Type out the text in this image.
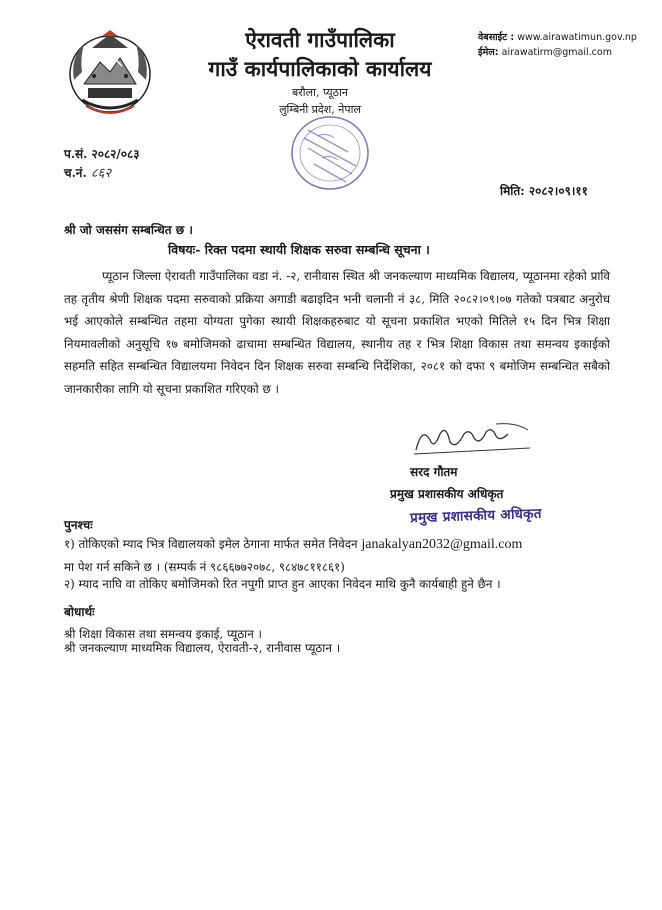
ऐरावती गाउँपालिका
गाउँ कार्यपालिकाको कार्यालय
बरौला, प्यूठान
लुम्बिनी प्रदेश, नेपाल
वेबसाईट : www.airawatimun.gov.np
ईमेल: airawatirm@gmail.com
प.सं. २०८२/०८३
च.नं. ८६२
मिति: २०८२।०९।११
श्री जो जससंग सम्बन्धित छ ।
विषयः- रिक्त पदमा स्थायी शिक्षक सरुवा सम्बन्धि सूचना ।
प्यूठान जिल्ला ऐरावती गाउँपालिका वडा नं. -२, रानीवास स्थित श्री जनकल्याण माध्यमिक विद्यालय, प्यूठानमा रहेको प्रावि तह तृतीय श्रेणी शिक्षक पदमा सरुवाको प्रक्रिया अगाडी बढाइदिन भनी चलानी नं ३८, मिति २०८२।०९।०७ गतेको पत्रबाट अनुरोध भई आएकोले सम्बन्धित तहमा योग्यता पुगेका स्थायी शिक्षकहरुबाट यो सूचना प्रकाशित भएको मितिले १५ दिन भित्र शिक्षा नियमावलीको अनुसूचि १७ बमोजिमको ढाचामा सम्बन्धित विद्यालय, स्थानीय तह र भित्र शिक्षा विकास तथा समन्वय इकाईको सहमति सहित सम्बन्धित विद्यालयमा निवेदन दिन शिक्षक सरुवा सम्बन्धि निर्देशिका, २०८१ को दफा ९ बमोजिम सम्बन्धित सबैको जानकारीका लागि यो सूचना प्रकाशित गरिएको छ ।
सरद गौतम
प्रमुख प्रशासकीय अधिकृत
प्रमुख प्रशासकीय अधिकृत
पुनश्चः
१) तोकिएको म्याद भित्र विद्यालयको इमेल ठेगाना मार्फत समेत निवेदन janakalyan2032@gmail.com
मा पेश गर्न सकिने छ । (सम्पर्क नं ९८६६७७२०७८, ९८४७८११८६१)
२) म्याद नाघि वा तोकिए बमोजिमको रित नपुगी प्राप्त हुन आएका निवेदन माथि कुनै कार्यबाही हुने छैन ।
बोधार्थः
श्री शिक्षा विकास तथा समन्वय इकाई, प्यूठान ।
श्री जनकल्याण माध्यमिक विद्यालय, ऐरावती-२, रानीवास प्यूठान ।
